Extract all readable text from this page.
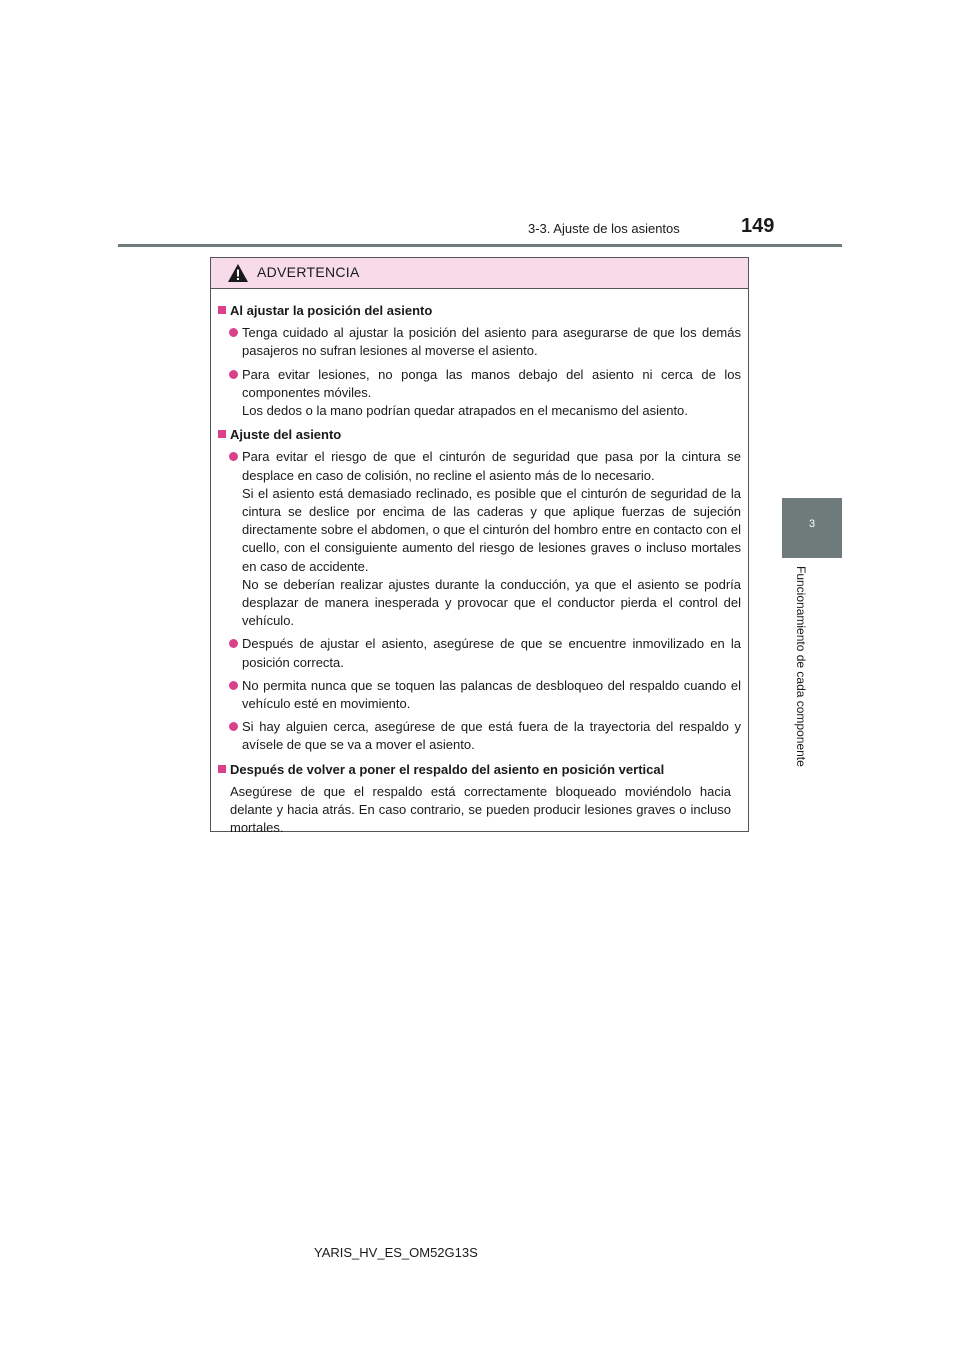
3-3. Ajuste de los asientos	149
3
Funcionamiento de cada componente
ADVERTENCIA
Al ajustar la posición del asiento

Tenga cuidado al ajustar la posición del asiento para asegurarse de que los demás pasajeros no sufran lesiones al moverse el asiento.

Para evitar lesiones, no ponga las manos debajo del asiento ni cerca de los componentes móviles.

Los dedos o la mano podrían quedar atrapados en el mecanismo del asiento.

Ajuste del asiento

Para evitar el riesgo de que el cinturón de seguridad que pasa por la cintura se desplace en caso de colisión, no recline el asiento más de lo necesario.

Si el asiento está demasiado reclinado, es posible que el cinturón de seguridad de la cintura se deslice por encima de las caderas y que aplique fuerzas de sujeción directamente sobre el abdomen, o que el cinturón del hombro entre en contacto con el cuello, con el consiguiente aumento del riesgo de lesiones graves o incluso mortales en caso de accidente.

No se deberían realizar ajustes durante la conducción, ya que el asiento se podría desplazar de manera inesperada y provocar que el conductor pierda el control del vehículo.

Después de ajustar el asiento, asegúrese de que se encuentre inmovilizado en la posición correcta.

No permita nunca que se toquen las palancas de desbloqueo del respaldo cuando el vehículo esté en movimiento.

Si hay alguien cerca, asegúrese de que está fuera de la trayectoria del respaldo y avísele de que se va a mover el asiento.

Después de volver a poner el respaldo del asiento en posición vertical

Asegúrese de que el respaldo está correctamente bloqueado moviéndolo hacia delante y hacia atrás. En caso contrario, se pueden producir lesiones graves o incluso mortales.

YARIS_HV_ES_OM52G13S
